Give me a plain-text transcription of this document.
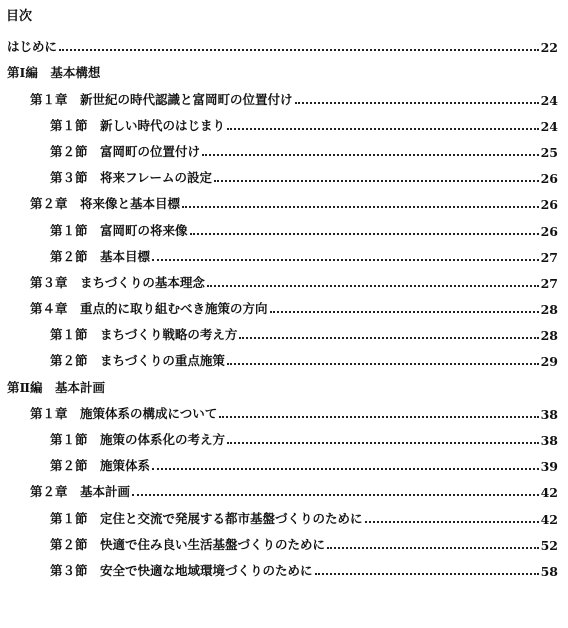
目次
はじめに	22
第Ⅰ編　基本構想
第１章　新世紀の時代認識と富岡町の位置付け	24
第１節　新しい時代のはじまり	24
第２節　富岡町の位置付け	25
第３節　将来フレームの設定	26
第２章　将来像と基本目標	26
第１節　富岡町の将来像	26
第２節　基本目標	27
第３章　まちづくりの基本理念	27
第４章　重点的に取り組むべき施策の方向	28
第１節　まちづくり戦略の考え方	28
第２節　まちづくりの重点施策	29
第Ⅱ編　基本計画
第１章　施策体系の構成について	38
第１節　施策の体系化の考え方	38
第２節　施策体系	39
第２章　基本計画	42
第１節　定住と交流で発展する都市基盤づくりのために	42
第２節　快適で住み良い生活基盤づくりのために	52
第３節　安全で快適な地域環境づくりのために	58
